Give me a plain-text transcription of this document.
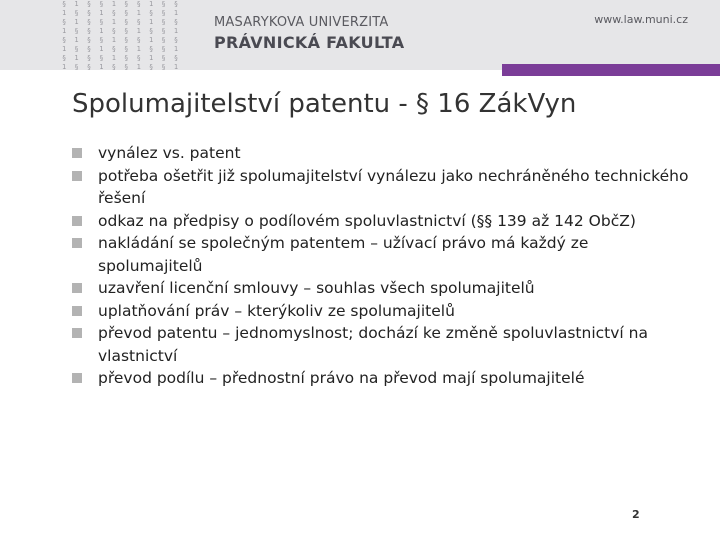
§ 1 § § 1 § § 1 § §
1 § § 1 § § 1 § § 1
§ 1 § § 1 § § 1 § §
1 § § 1 § § 1 § § 1
§ 1 § § 1 § § 1 § §
1 § § 1 § § 1 § § 1
§ 1 § § 1 § § 1 § §
1 § § 1 § § 1 § § 1
MASARYKOVA UNIVERZITA
PRÁVNICKÁ FAKULTA
www.law.muni.cz
Spolumajitelství patentu - § 16 ZákVyn
vynález vs. patent
potřeba ošetřit již spolumajitelství vynálezu jako nechráněného technického řešení
odkaz na předpisy o podílovém spoluvlastnictví (§§ 139 až 142 ObčZ)
nakládání se společným patentem – užívací právo má každý ze spolumajitelů
uzavření licenční smlouvy – souhlas všech spolumajitelů
uplatňování práv – kterýkoliv ze spolumajitelů
převod patentu – jednomyslnost; dochází ke změně spoluvlastnictví na vlastnictví
převod podílu – přednostní právo na převod mají spolumajitelé
2
